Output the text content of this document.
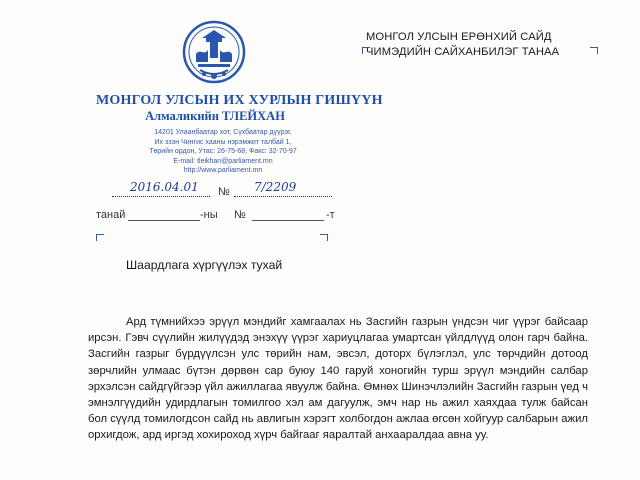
МОНГОЛ УЛСЫН ИХ ХУРЛЫН ГИШҮҮН
Алмаликийн ТЛЕЙХАН
14201 Улаанбаатар хот, Сүхбаатар дүүрэг,
Их эзэн Чингис хааны нэрэмжит талбай 1,
Төрийн ордон, Утас: 26-75-68, Факс: 32-70-97
E-mail: tleikhan@parliament.mn
http://www.parliament.mn
МОНГОЛ УЛСЫН ЕРӨНХИЙ САЙД
ЧИМЭДИЙН САЙХАНБИЛЭГ ТАНАА
2016.04.01 № 7/2209
танай	-ны №	-т
Шаардлага хүргүүлэх тухай

Ард түмнийхээ эрүүл мэндийг хамгаалах нь Засгийн газрын үндсэн чиг үүрэг байсаар ирсэн. Гэвч сүүлийн жилүүдэд энэхүү үүрэг хариуцлагаа умартсан үйлдлүүд олон гарч байна. Засгийн газрыг бүрдүүлсэн улс төрийн нам, эвсэл, доторх бүлэглэл, улс төрчдийн дотоод зөрчлийн улмаас бүтэн дөрвөн сар буюу 140 гаруй хоногийн турш эрүүл мэндийн салбар эрхэлсэн сайдгүйгээр үйл ажиллагаа явуулж байна. Өмнөх Шинэчлэлийн Засгийн газрын үед ч эмнэлгүүдийн удирдлагын томилгоо хэл ам дагуулж, эмч нар нь ажил хаяхдаа тулж байсан бол сүүлд томилогдсон сайд нь авлигын хэрэгт холбогдон ажлаа өгсөн хойгуур салбарын ажил орхигдож, ард иргэд хохироход хүрч байгааг яаралтай анхааралдаа авна уу.
